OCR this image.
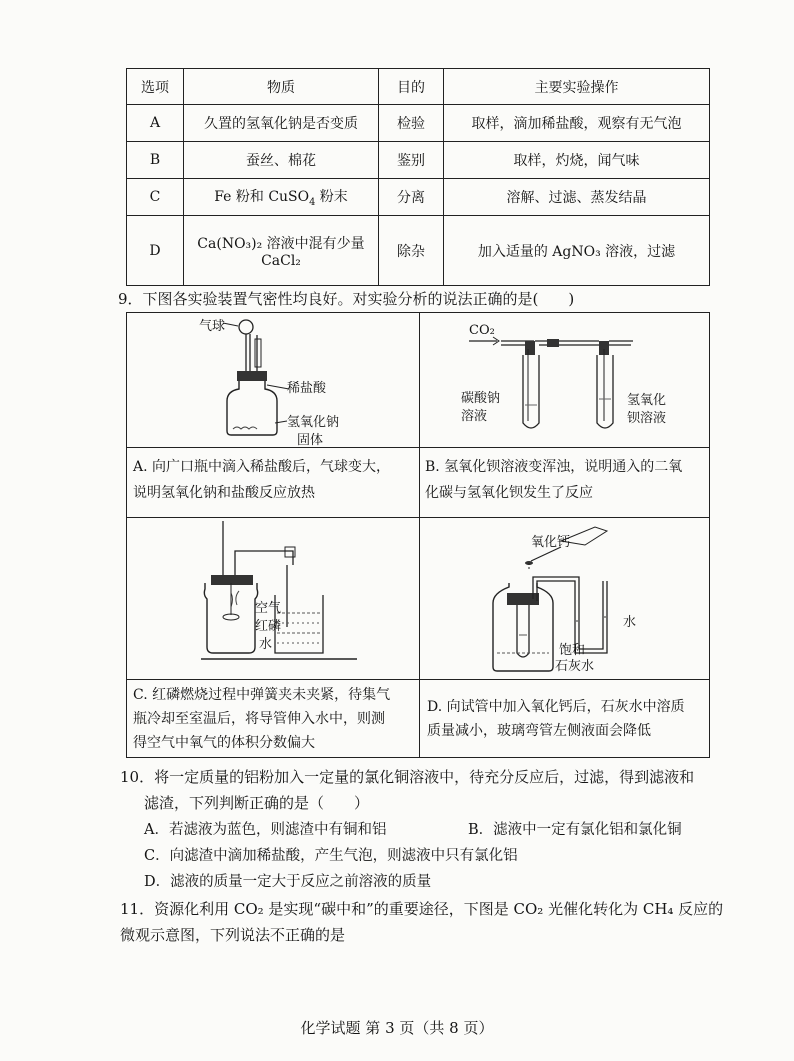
选项	物质	目的	主要实验操作
A	久置的氢氧化钠是否变质	检验	取样，滴加稀盐酸，观察有无气泡
B	蚕丝、棉花	鉴别	取样，灼烧，闻气味
C	Fe 粉和 CuSO$_4$ 粉末	分离	溶解、过滤、蒸发结晶
D	Ca(NO₃)₂ 溶液中混有少量
CaCl₂	除杂	加入适量的 AgNO₃ 溶液，过滤
9．下图各实验装置气密性均良好。对实验分析的说法正确的是(　　)
气球
稀盐酸
氢氧化钠
固体
CO₂
碳酸钠
溶液
氢氧化
钡溶液
A. 向广口瓶中滴入稀盐酸后，气球变大，
说明氢氧化钠和盐酸反应放热
B. 氢氧化钡溶液变浑浊，说明通入的二氧
化碳与氢氧化钡发生了反应
空气
红磷
水
氧化钙
水
饱和
石灰水
C. 红磷燃烧过程中弹簧夹未夹紧，待集气
瓶冷却至室温后，将导管伸入水中，则测
得空气中氧气的体积分数偏大
D. 向试管中加入氧化钙后，石灰水中溶质
质量减小，玻璃弯管左侧液面会降低
10．将一定质量的铝粉加入一定量的氯化铜溶液中，待充分反应后，过滤，得到滤液和
滤渣，下列判断正确的是（　　）
A．若滤液为蓝色，则滤渣中有铜和铝	B．滤液中一定有氯化铝和氯化铜
C．向滤渣中滴加稀盐酸，产生气泡，则滤液中只有氯化铝
D．滤液的质量一定大于反应之前溶液的质量
11．资源化利用 CO₂ 是实现“碳中和”的重要途径，下图是 CO₂ 光催化转化为 CH₄ 反应的
微观示意图，下列说法不正确的是
化学试题 第 3 页（共 8 页）
